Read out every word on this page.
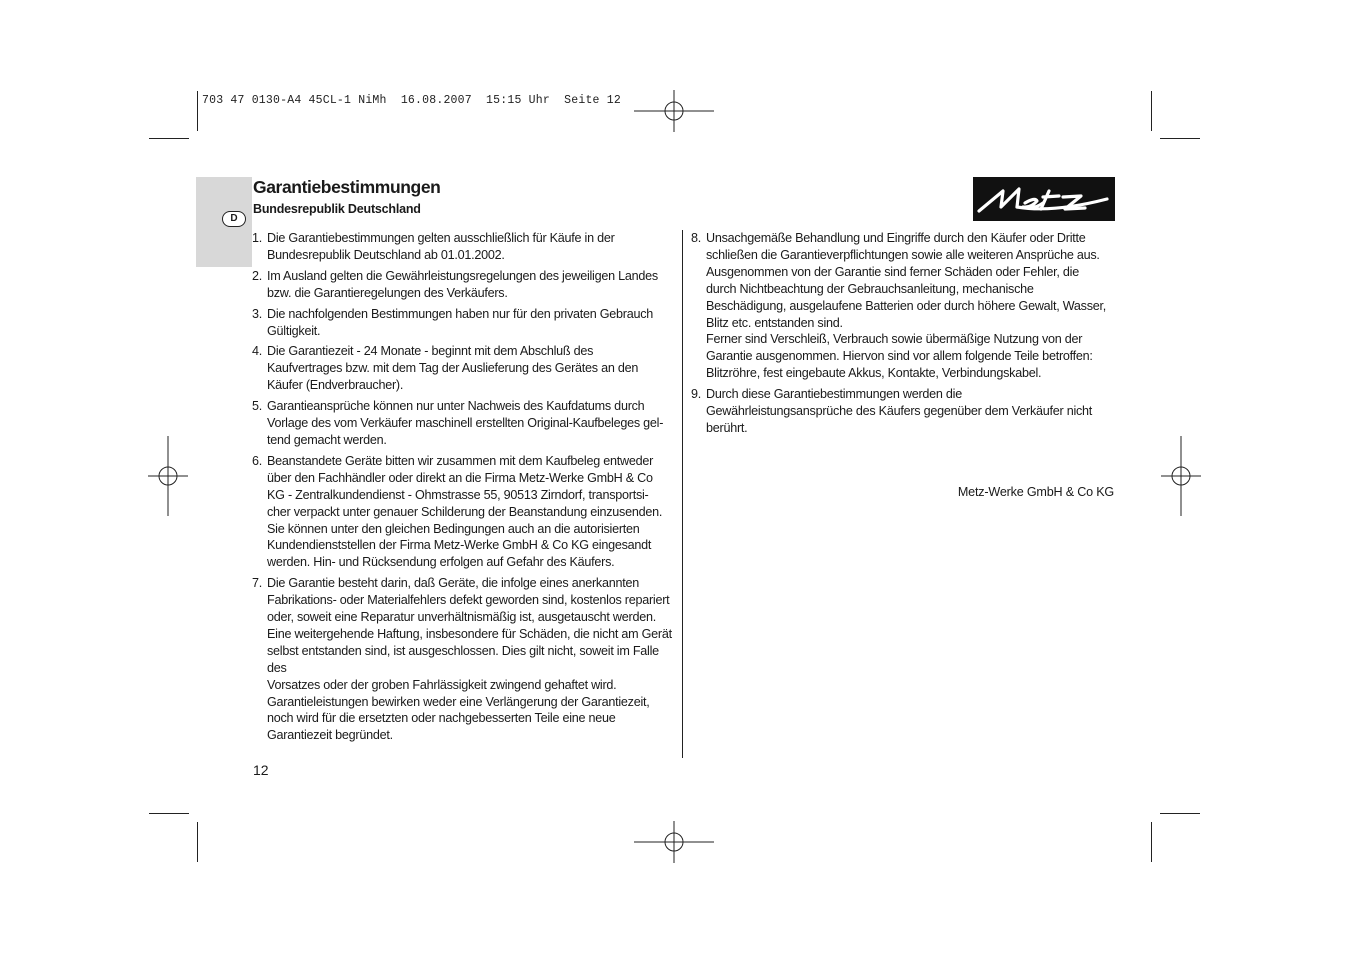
703 47 0130-A4 45CL-1 NiMh  16.08.2007  15:15 Uhr  Seite 12
D
Garantiebestimmungen
Bundesrepublik Deutschland
1. Die Garantiebestimmungen gelten ausschließlich für Käufe in der
Bundesrepublik Deutschland ab 01.01.2002.
2. Im Ausland gelten die Gewährleistungsregelungen des jeweiligen Landes
bzw. die Garantieregelungen des Verkäufers.
3. Die nachfolgenden Bestimmungen haben nur für den privaten Gebrauch
Gültigkeit.
4. Die Garantiezeit - 24 Monate - beginnt mit dem Abschluß des
Kaufvertrages bzw. mit dem Tag der Auslieferung des Gerätes an den
Käufer (Endverbraucher).
5. Garantieansprüche können nur unter Nachweis des Kaufdatums durch
Vorlage des vom Verkäufer maschinell erstellten Original-Kaufbeleges gel-
tend gemacht werden.
6. Beanstandete Geräte bitten wir zusammen mit dem Kaufbeleg entweder
über den Fachhändler oder direkt an die Firma Metz-Werke GmbH & Co
KG - Zentralkundendienst - Ohmstrasse 55, 90513 Zirndorf, transportsi-
cher verpackt unter genauer Schilderung der Beanstandung einzusenden.
Sie können unter den gleichen Bedingungen auch an die autorisierten
Kundendienststellen der Firma Metz-Werke GmbH & Co KG eingesandt
werden. Hin- und Rücksendung erfolgen auf Gefahr des Käufers.
7. Die Garantie besteht darin, daß Geräte, die infolge eines anerkannten
Fabrikations- oder Materialfehlers defekt geworden sind, kostenlos repariert
oder, soweit eine Reparatur unverhältnismäßig ist, ausgetauscht werden.
Eine weitergehende Haftung, insbesondere für Schäden, die nicht am Gerät
selbst entstanden sind, ist ausgeschlossen. Dies gilt nicht, soweit im Falle des
Vorsatzes oder der groben Fahrlässigkeit zwingend gehaftet wird.
Garantieleistungen bewirken weder eine Verlängerung der Garantiezeit,
noch wird für die ersetzten oder nachgebesserten Teile eine neue
Garantiezeit begründet.
8. Unsachgemäße Behandlung und Eingriffe durch den Käufer oder Dritte
schließen die Garantieverpflichtungen sowie alle weiteren Ansprüche aus.
Ausgenommen von der Garantie sind ferner Schäden oder Fehler, die
durch Nichtbeachtung der Gebrauchsanleitung, mechanische
Beschädigung, ausgelaufene Batterien oder durch höhere Gewalt, Wasser,
Blitz etc. entstanden sind.
Ferner sind Verschleiß, Verbrauch sowie übermäßige Nutzung von der
Garantie ausgenommen. Hiervon sind vor allem folgende Teile betroffen:
Blitzröhre, fest eingebaute Akkus, Kontakte, Verbindungskabel.
9. Durch diese Garantiebestimmungen werden die
Gewährleistungsansprüche des Käufers gegenüber dem Verkäufer nicht
berührt.
Metz-Werke GmbH & Co KG
12
